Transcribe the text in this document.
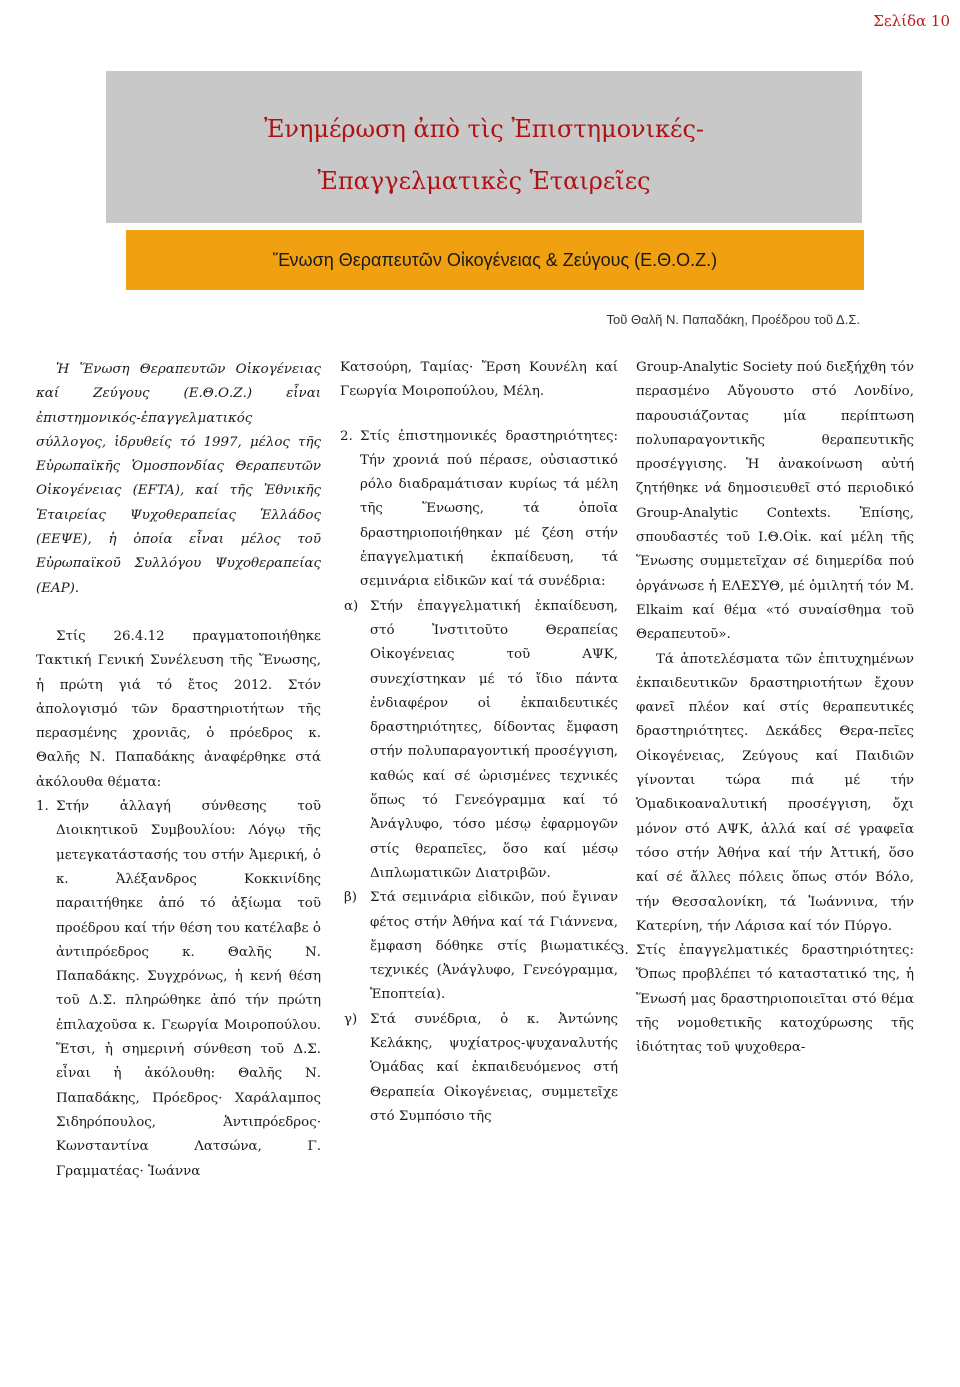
Σελίδα 10
Ἐνημέρωση ἀπὸ τὶς Ἐπιστημονικές-
Ἐπαγγελματικὲς Ἑταιρεῖες
Ἕνωση Θεραπευτῶν Οἰκογένειας & Ζεύγους (Ε.Θ.Ο.Ζ.)
Τοῦ Θαλῆ Ν. Παπαδάκη, Προέδρου τοῦ Δ.Σ.

Ἡ Ἕνωση Θεραπευτῶν Οἰκογένειας καί Ζεύγους (Ε.Θ.Ο.Ζ.) εἶναι ἐπιστημονικός-ἐπαγγελματικός σύλλογος, ἱδρυθείς τό 1997, μέλος τῆς Εὐρωπαϊκῆς Ὁμοσπονδίας Θεραπευτῶν Οἰκογένειας (EFTA), καί τῆς Ἐθνικῆς Ἑταιρείας Ψυχοθεραπείας Ἑλλάδος (ΕΕΨΕ), ἡ ὁποία εἶναι μέλος τοῦ Εὐρωπαϊκοῦ Συλλόγου Ψυχοθεραπείας (EAP).

Στίς 26.4.12 πραγματοποιήθηκε Τακτική Γενική Συνέλευση τῆς Ἕνωσης, ἡ πρώτη γιά τό ἔτος 2012. Στόν ἀπολογισμό τῶν δραστηριοτήτων τῆς περασμένης χρονιᾶς, ὁ πρόεδρος κ. Θαλῆς Ν. Παπαδάκης ἀναφέρθηκε στά ἀκόλουθα θέματα:

1. Στήν ἀλλαγή σύνθεσης τοῦ Διοικητικοῦ Συμβουλίου: Λόγῳ τῆς μετεγκατάστασής του στήν Ἀμερική, ὁ κ. Ἀλέξανδρος Κοκκινίδης παραιτήθηκε ἀπό τό ἀξίωμα τοῦ προέδρου καί τήν θέση του κατέλαβε ὁ ἀντιπρόεδρος κ. Θαλῆς Ν. Παπαδάκης. Συγχρόνως, ἡ κενή θέση τοῦ Δ.Σ. πληρώθηκε ἀπό τήν πρώτη ἐπιλαχοῦσα κ. Γεωργία Μοιροπούλου. Ἔτσι, ἡ σημερινή σύνθεση τοῦ Δ.Σ. εἶναι ἡ ἀκόλουθη: Θαλῆς Ν. Παπαδάκης, Πρόεδρος· Χαράλαμπος Σιδηρόπουλος, Ἀντιπρόεδρος· Κωνσταντίνα Λατσώνα, Γ. Γραμματέας· Ἰωάννα

Κατσούρη, Ταμίας· Ἔρση Κουνέλη καί Γεωργία Μοιροπούλου, Μέλη.

2. Στίς ἐπιστημονικές δραστηριότητες: Τήν χρονιά πού πέρασε, οὐσιαστικό ρόλο διαδραμάτισαν κυρίως τά μέλη τῆς Ἕνωσης, τά ὁποῖα δραστηριοποιήθηκαν μέ ζέση στήν ἐπαγγελματική ἐκπαίδευση, τά σεμινάρια εἰδικῶν καί τά συνέδρια:

α) Στήν ἐπαγγελματική ἐκπαίδευση, στό Ἰνστιτοῦτο Θεραπείας Οἰκογένειας τοῦ ΑΨΚ, συνεχίστηκαν μέ τό ἴδιο πάντα ἐνδιαφέρον οἱ ἐκπαιδευτικές δραστηριότητες, δίδοντας ἔμφαση στήν πολυπαραγοντική προσέγγιση, καθώς καί σέ ὡρισμένες τεχνικές ὅπως τό Γενεόγραμμα καί τό Ἀνάγλυφο, τόσο μέσῳ ἐφαρμογῶν στίς θεραπεῖες, ὅσο καί μέσῳ Διπλωματικῶν Διατριβῶν.

β) Στά σεμινάρια εἰδικῶν, πού ἔγιναν φέτος στήν Ἀθήνα καί τά Γιάννενα, ἔμφαση δόθηκε στίς βιωματικές τεχνικές (Ἀνάγλυφο, Γενεόγραμμα, Ἐποπτεία).

γ) Στά συνέδρια, ὁ κ. Ἀντώνης Κελάκης, ψυχίατρος-ψυχαναλυτής Ὁμάδας καί ἐκπαιδευόμενος στή Θεραπεία Οἰκογένειας, συμμετεῖχε στό Συμπόσιο τῆς

Group-Analytic Society πού διεξήχθη τόν περασμένο Αὔγουστο στό Λονδίνο, παρουσιάζοντας μία περίπτωση πολυπαραγοντικῆς θεραπευτικῆς προσέγγισης. Ἡ ἀνακοίνωση αὐτή ζητήθηκε νά δημοσιευθεῖ στό περιοδικό Group-Analytic Contexts. Ἐπίσης, σπουδαστές τοῦ Ι.Θ.Οἰκ. καί μέλη τῆς Ἕνωσης συμμετεῖχαν σέ διημερίδα πού ὀργάνωσε ἡ ΕΛΕΣΥΘ, μέ ὁμιλητή τόν Μ. Elkaim καί θέμα «τό συναίσθημα τοῦ Θεραπευτοῦ».

Τά ἀποτελέσματα τῶν ἐπιτυχημένων ἐκπαιδευτικῶν δραστηριοτήτων ἔχουν φανεῖ πλέον καί στίς θεραπευτικές δραστηριότητες. Δεκάδες Θερα-πεῖες Οἰκογένειας, Ζεύγους καί Παιδιῶν γίνονται τώρα πιά μέ τήν Ὁμαδικοαναλυτική προσέγγιση, ὄχι μόνον στό ΑΨΚ, ἀλλά καί σέ γραφεῖα τόσο στήν Ἀθήνα καί τήν Ἀττική, ὅσο καί σέ ἄλλες πόλεις ὅπως στόν Βόλο, τήν Θεσσαλονίκη, τά Ἰωάννινα, τήν Κατερίνη, τήν Λάρισα καί τόν Πύργο.

3. Στίς ἐπαγγελματικές δραστηριότητες: Ὅπως προβλέπει τό καταστατικό της, ἡ Ἕνωσή μας δραστηριοποιεῖται στό θέμα τῆς νομοθετικῆς κατοχύρωσης τῆς ἰδιότητας τοῦ ψυχοθερα-
